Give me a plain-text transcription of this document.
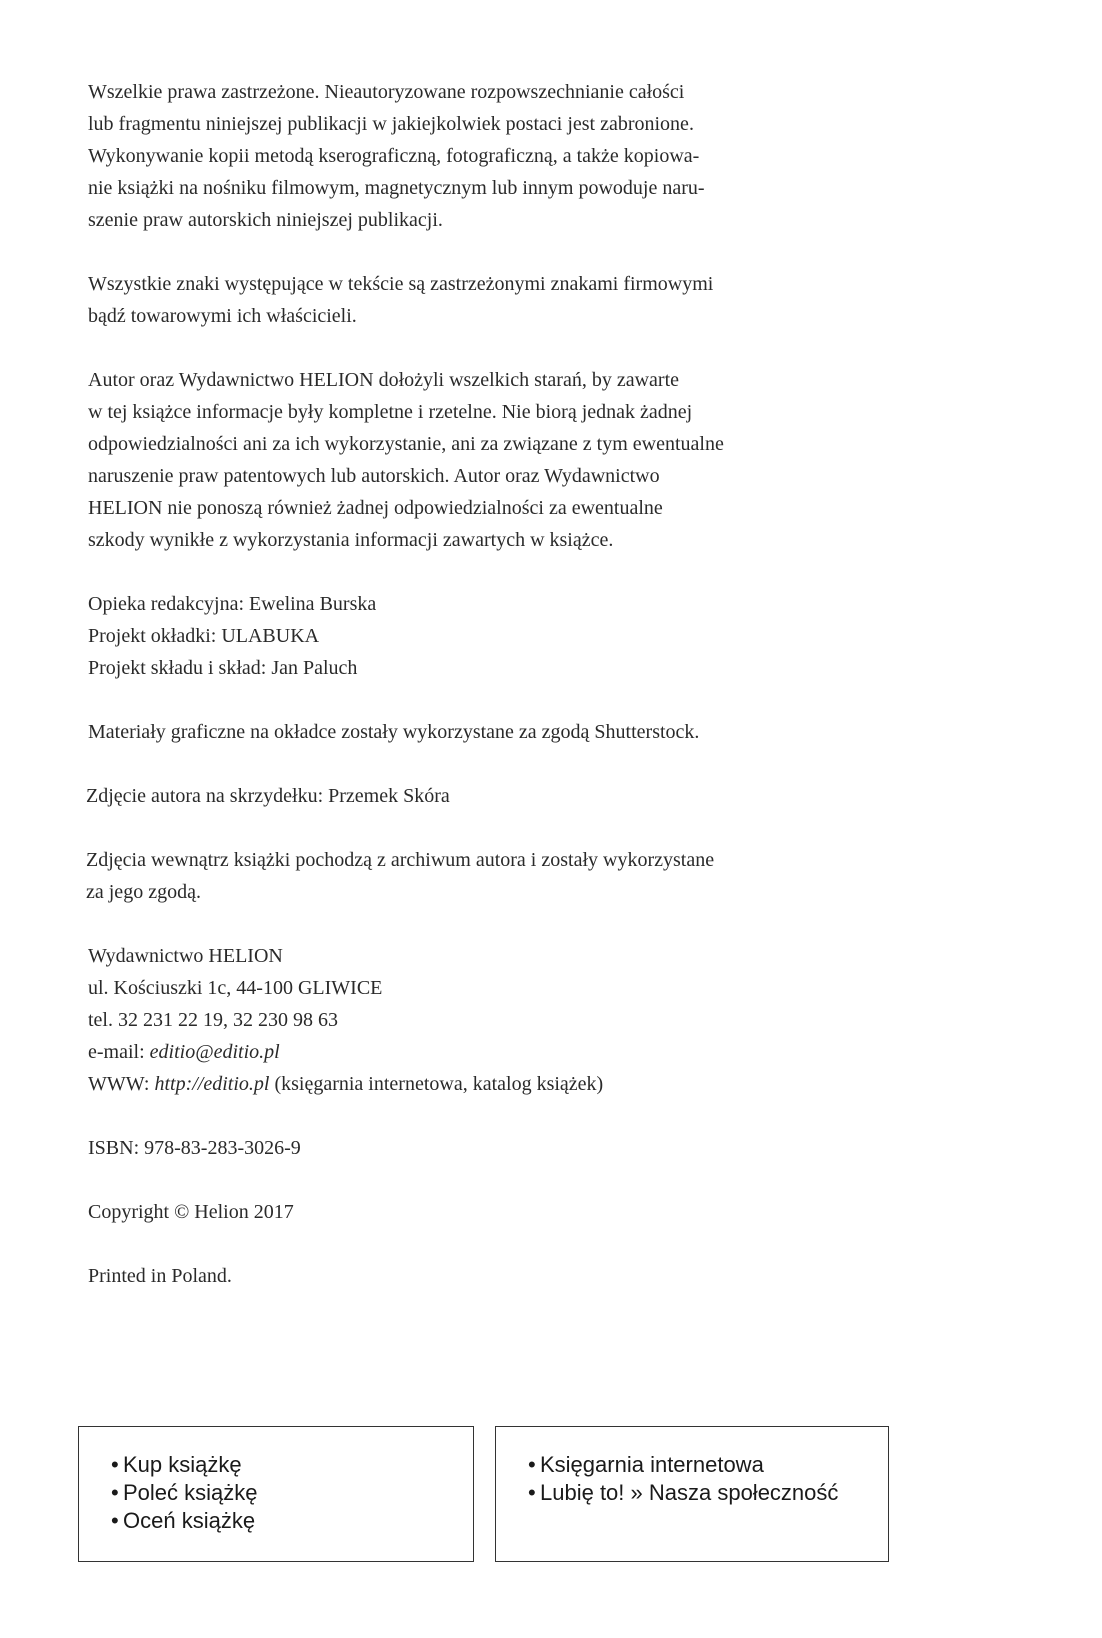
Wszelkie prawa zastrzeżone. Nieautoryzowane rozpowszechnianie całości
lub fragmentu niniejszej publikacji w jakiejkolwiek postaci jest zabronione.
Wykonywanie kopii metodą kserograficzną, fotograficzną, a także kopiowa-
nie książki na nośniku filmowym, magnetycznym lub innym powoduje naru-
szenie praw autorskich niniejszej publikacji.
Wszystkie znaki występujące w tekście są zastrzeżonymi znakami firmowymi
bądź towarowymi ich właścicieli.
Autor oraz Wydawnictwo HELION dołożyli wszelkich starań, by zawarte
w tej książce informacje były kompletne i rzetelne. Nie biorą jednak żadnej
odpowiedzialności ani za ich wykorzystanie, ani za związane z tym ewentualne
naruszenie praw patentowych lub autorskich. Autor oraz Wydawnictwo
HELION nie ponoszą również żadnej odpowiedzialności za ewentualne
szkody wynikłe z wykorzystania informacji zawartych w książce.
Opieka redakcyjna: Ewelina Burska
Projekt okładki: ULABUKA
Projekt składu i skład: Jan Paluch
Materiały graficzne na okładce zostały wykorzystane za zgodą Shutterstock.
Zdjęcie autora na skrzydełku: Przemek Skóra
Zdjęcia wewnątrz książki pochodzą z archiwum autora i zostały wykorzystane
za jego zgodą.
Wydawnictwo HELION
ul. Kościuszki 1c, 44-100 GLIWICE
tel. 32 231 22 19, 32 230 98 63
e-mail: editio@editio.pl
WWW: http://editio.pl (księgarnia internetowa, katalog książek)
ISBN: 978-83-283-3026-9
Copyright © Helion 2017
Printed in Poland.
• Kup książkę
• Poleć książkę
• Oceń książkę
• Księgarnia internetowa
• Lubię to! » Nasza społeczność
